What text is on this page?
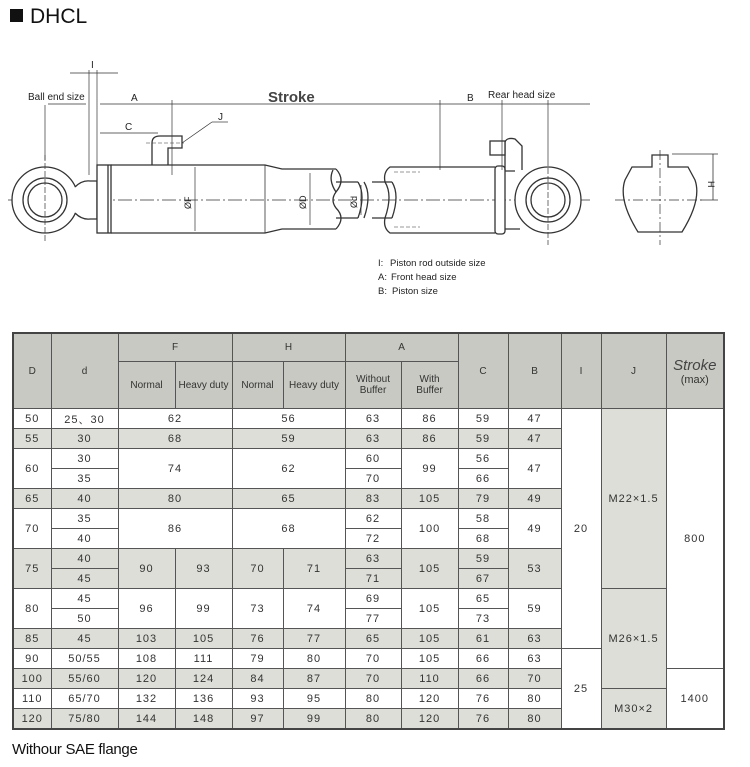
DHCL
Ball end size
I
A	Stroke	B Rear head size
C
J
ØF	ØD	Ød
H
I: Piston rod outside size
A: Front head size
B: Piston size
D	d	F		H		A		C	B	I	J	Stroke
(max)

		Normal	Heavy duty	Normal	Heavy duty	Without Buffer	With Buffer					
50	25、30	62		56		63	86	59	47	20	M22×1.5	800
55	30	68		59		63	86	59	47			
60	30	74		62		60	99	56	47			
	35					70		66				
65	40	80		65		83	105	79	49			
70	35	86		68		62	100	58	49			
	40					72		68				
75	40	90	93	70	71	63	105	59	53			
	45					71		67				
80	45	96	99	73	74	69	105	65	59		M26×1.5	
	50					77		73				
85	45	103	105	76	77	65	105	61	63			
90	50/55	108	111	79	80	70	105	66	63	25		
100	55/60	120	124	84	87	70	110	66	70			1400
110	65/70	132	136	93	95	80	120	76	80		M30×2	
120	75/80	144	148	97	99	80	120	76	80			
Withour SAE flange
